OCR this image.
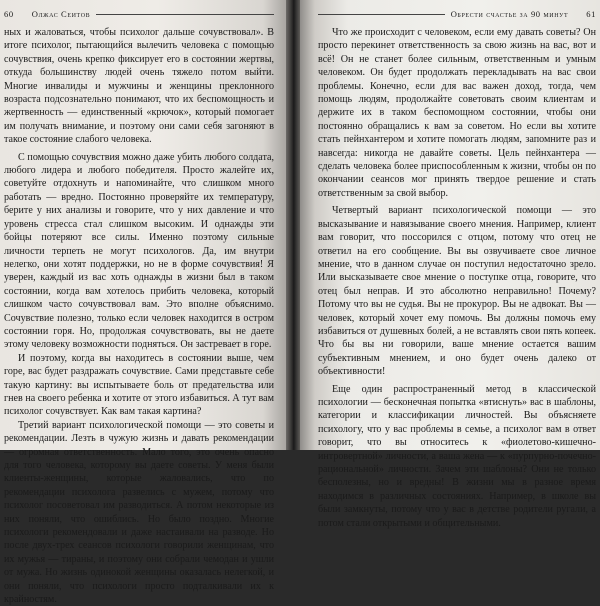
60 Олжас Сеитов

ных и жаловаться, чтобы психолог дальше сочувствовал». В итоге психолог, пытающийся вылечить человека с помощью сочувствия, очень крепко фиксирует его в состоянии жертвы, откуда большинству людей очень тяжело потом выйти. Многие инвалиды и мужчины и женщины преклонного возраста подсознательно понимают, что их беспомощность и жертвенность — единственный «крючок», который помогает им получать внимание, и поэтому они сами себя загоняют в такое состояние слабого человека.

С помощью сочувствия можно даже убить любого солдата, любого лидера и любого победителя. Просто жалейте их, советуйте отдохнуть и напоминайте, что слишком много работать — вредно. Постоянно проверяйте их температуру, берите у них анализы и говорите, что у них давление и что уровень стресса стал слишком высоким. И однажды эти бойцы потеряют все силы. Именно поэтому сильные личности терпеть не могут психологов. Да, им внутри нелегко, они хотят поддержки, но не в форме сочувствия! Я уверен, каждый из вас хоть однажды в жизни был в таком состоянии, когда вам хотелось прибить человека, который слишком часто сочувствовал вам. Это вполне объяснимо. Сочувствие полезно, только если человек находится в остром состоянии горя. Но, продолжая сочувствовать, вы не даете этому человеку возможности подняться. Он застревает в горе.

И поэтому, когда вы находитесь в состоянии выше, чем горе, вас будет раздражать сочувствие. Сами представьте себе такую картину: вы испытываете боль от предательства или гнев на своего ребенка и хотите от этого избавиться. А тут вам психолог сочувствует. Как вам такая картина?

Третий вариант психологической помощи — это советы и рекомендации. Лезть в чужую жизнь и давать рекомендации — огромная ответственность. Мало того, это очень опасно для того человека, которому вы даете советы. У меня были клиенты-женщины, которые жаловались, что по рекомендации психолога развелись с мужем, потому что психолог посоветовал им разводиться. А потом некоторые из них поняли, что ошиблись. Но было поздно. Многие психологи рекомендовали и даже настаивали на разводе. Но после двух-трех сеансов психологи говорили женщинам, что их мужья — тираны, и поэтому они собрали чемодан и ушли от мужа. Но жизнь одинокой женщины оказалась нелегкой, и они поняли, что психологи просто подталкивали их к крайностям.

Обрести счастье за 90 минут 61

Что же происходит с человеком, если ему давать советы? Он просто перекинет ответственность за свою жизнь на вас, вот и всё! Он не станет более сильным, ответственным и умным человеком. Он будет продолжать перекладывать на вас свои проблемы. Конечно, если для вас важен доход, тогда, чем помощь людям, продолжайте советовать своим клиентам и держите их в таком беспомощном состоянии, чтобы они постоянно обращались к вам за советом. Но если вы хотите стать пейнхантером и хотите помогать людям, запомните раз и навсегда: никогда не давайте советы. Цель пейнхантера — сделать человека более приспособленным к жизни, чтобы он по окончании сеансов мог принять твердое решение и стать ответственным за свой выбор.

Четвертый вариант психологической помощи — это высказывание и навязывание своего мнения. Например, клиент вам говорит, что поссорился с отцом, потому что отец не ответил на его сообщение. Вы вы озвучиваете свое личное мнение, что в данном случае он поступил недостаточно зрело. Или высказываете свое мнение о поступке отца, говорите, что отец был неправ. И это абсолютно неправильно! Почему? Потому что вы не судья. Вы не прокурор. Вы не адвокат. Вы — человек, который хочет ему помочь. Вы должны помочь ему избавиться от душевных болей, а не вставлять свои пять копеек. Что бы вы ни говорили, ваше мнение остается вашим субъективным мнением, и оно будет очень далеко от объективности!

Еще один распространенный метод в классической психологии — бесконечная попытка «втиснуть» вас в шаблоны, категории и классификации личностей. Вы объясняете психологу, что у вас проблемы в семье, а психолог вам в ответ говорит, что вы относитесь к «фиолетово-кишечно-интровертной» личности, а ваша жена — к «пурпурно-почечно-рациональной» личности. Зачем эти шаблоны? Они не только бесполезны, но и вредны! В жизни мы в разное время находимся в различных состояниях. Например, в школе вы были замкнуты, потому что у вас в детстве родители ругали, а потом стали открытыми и общительными.
